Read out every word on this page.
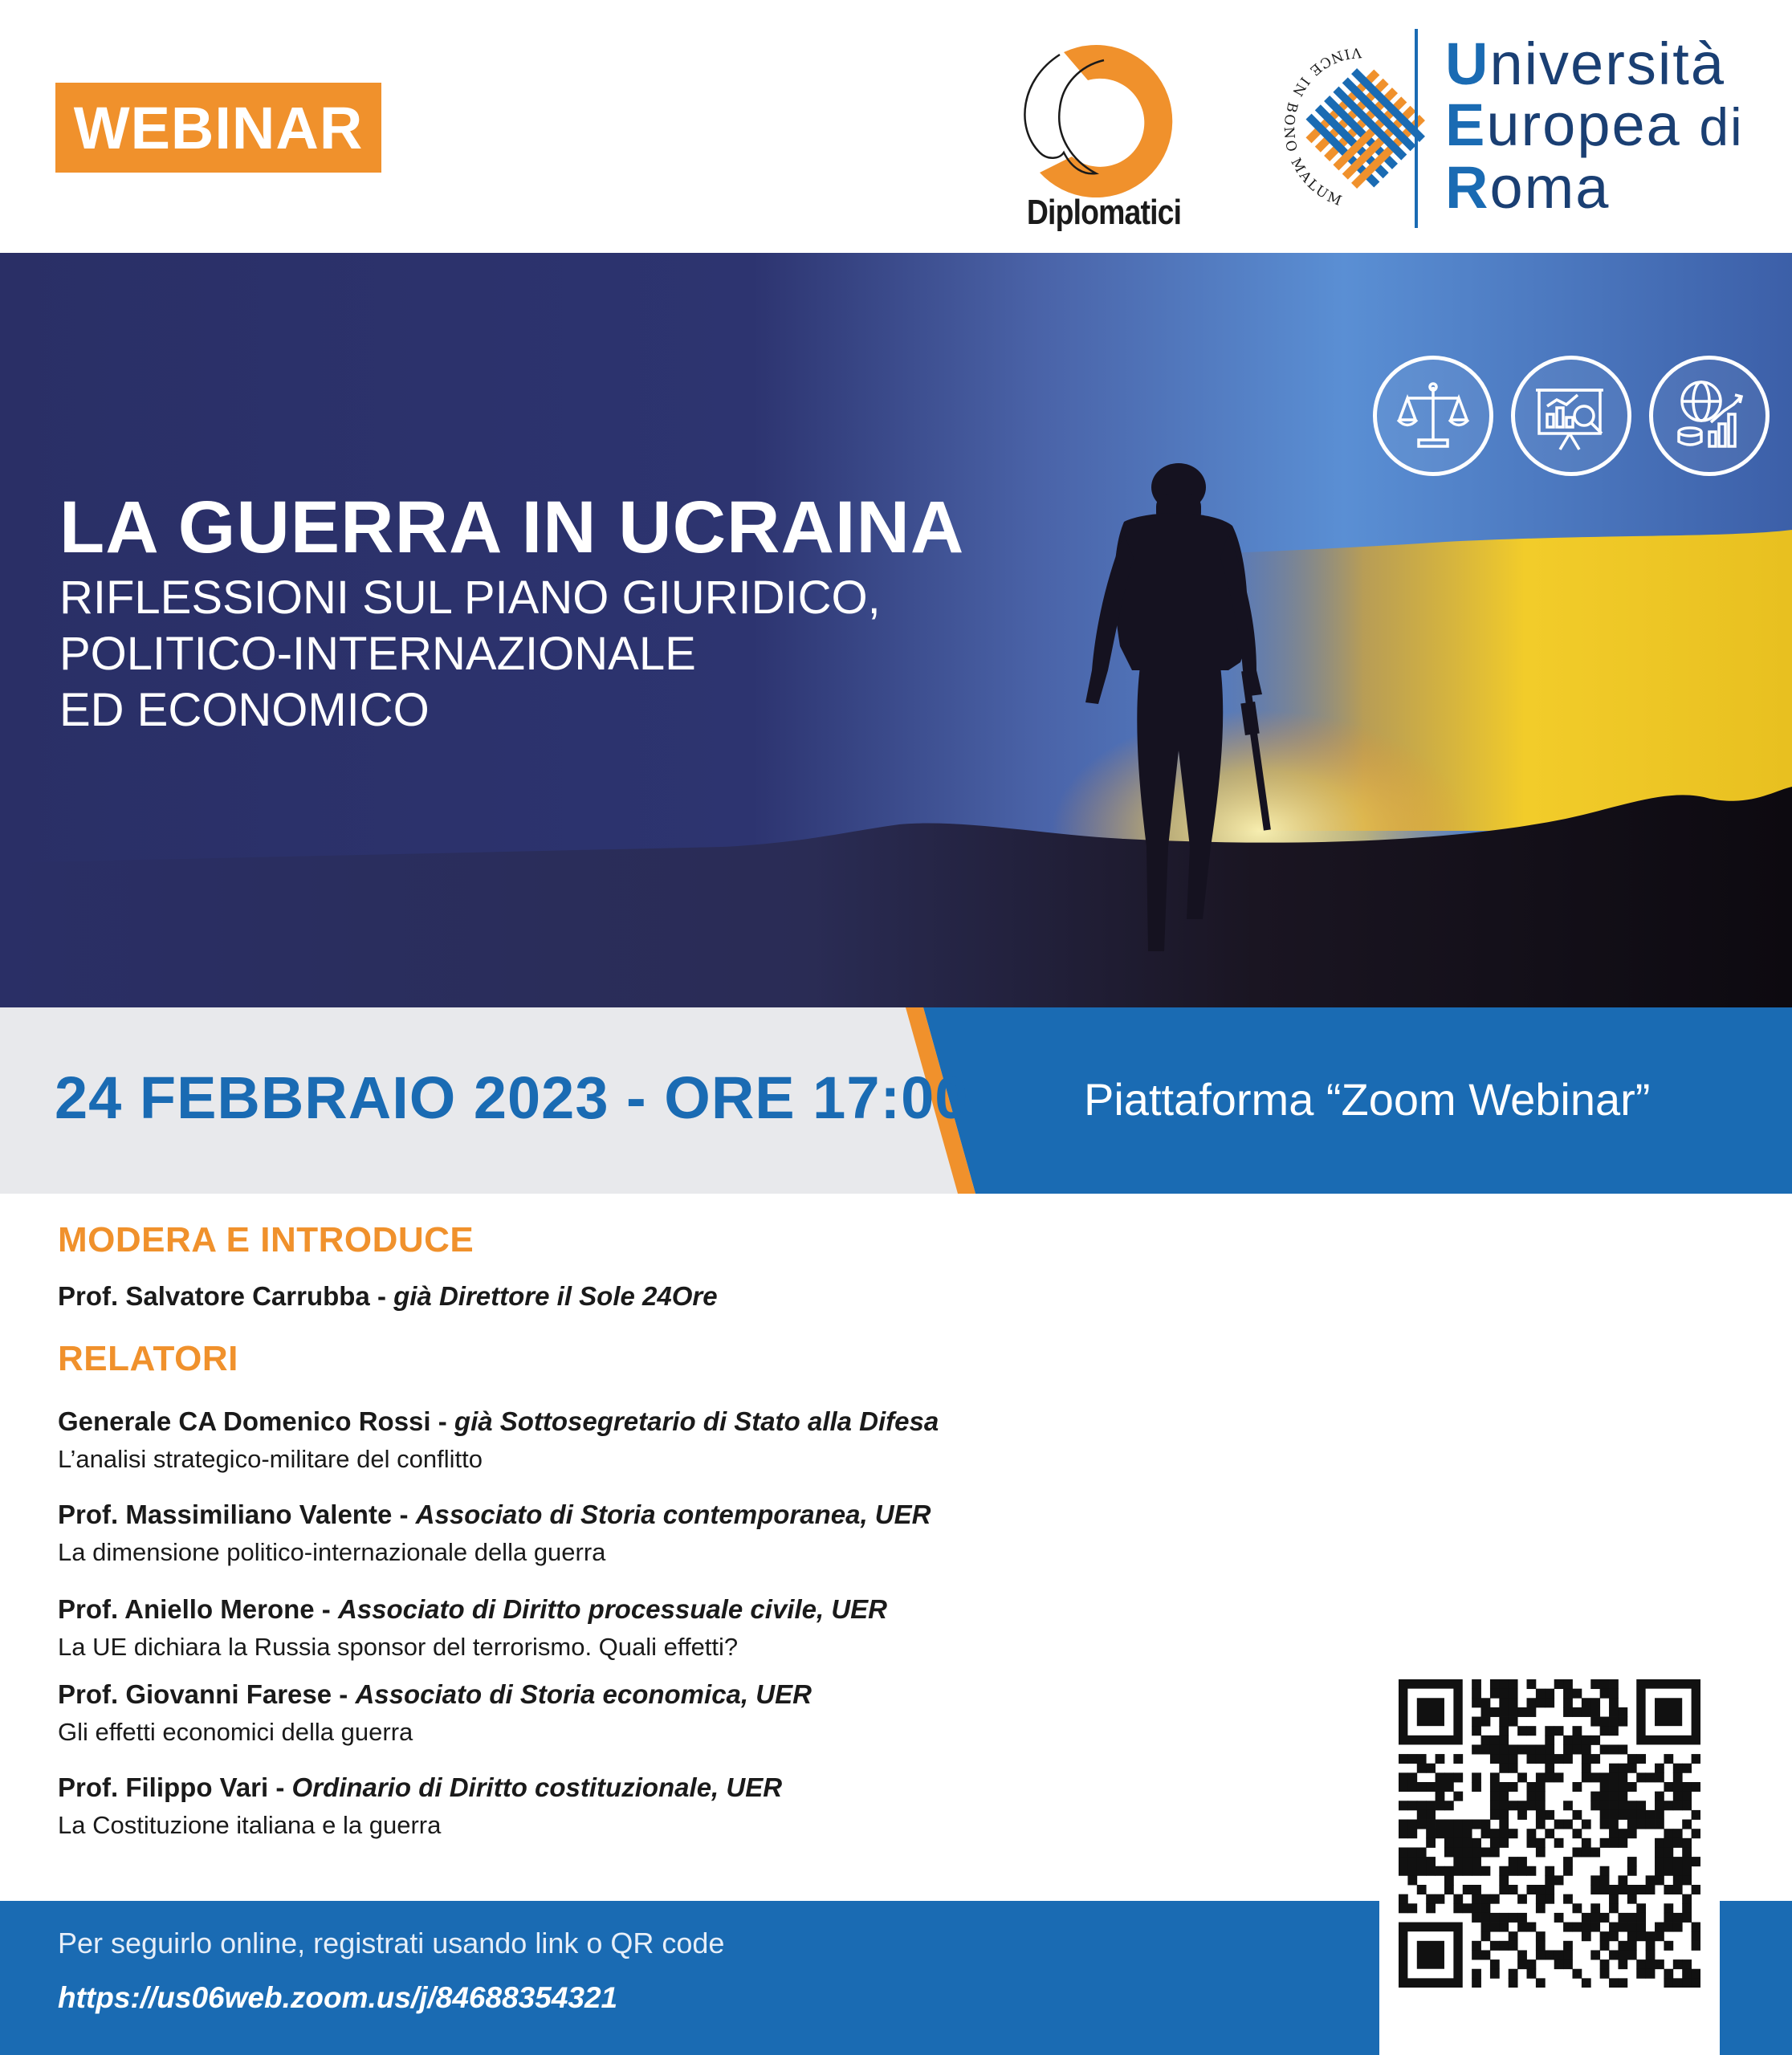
WEBINAR
Diplomatici
VINCE IN BONO MALUM
Università
Europea di
Roma
LA GUERRA IN UCRAINA
RIFLESSIONI SUL PIANO GIURIDICO,
POLITICO-INTERNAZIONALE
ED ECONOMICO
24 FEBBRAIO 2023 - ORE 17:00	Piattaforma “Zoom Webinar”
MODERA E INTRODUCE
Prof. Salvatore Carrubba - già Direttore il Sole 24Ore
RELATORI
Generale CA Domenico Rossi - già Sottosegretario di Stato alla Difesa
L’analisi strategico-militare del conflitto
Prof. Massimiliano Valente - Associato di Storia contemporanea, UER
La dimensione politico-internazionale della guerra
Prof. Aniello Merone - Associato di Diritto processuale civile, UER
La UE dichiara la Russia sponsor del terrorismo. Quali effetti?
Prof. Giovanni Farese - Associato di Storia economica, UER
Gli effetti economici della guerra
Prof. Filippo Vari - Ordinario di Diritto costituzionale, UER
La Costituzione italiana e la guerra
Per seguirlo online, registrati usando link o QR code
https://us06web.zoom.us/j/84688354321
